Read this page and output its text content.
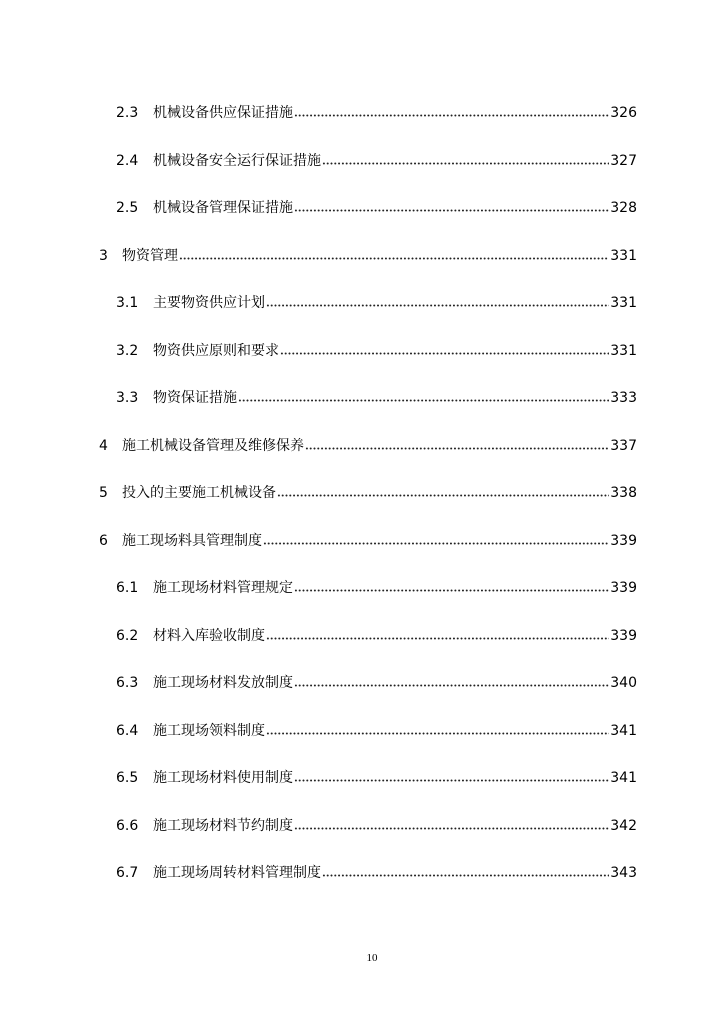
2.3	机械设备供应保证措施	326
2.4	机械设备安全运行保证措施	327
2.5	机械设备管理保证措施	328
3	物资管理	331
3.1	主要物资供应计划	331
3.2	物资供应原则和要求	331
3.3	物资保证措施	333
4	施工机械设备管理及维修保养	337
5	投入的主要施工机械设备	338
6	施工现场料具管理制度	339
6.1	施工现场材料管理规定	339
6.2	材料入库验收制度	339
6.3	施工现场材料发放制度	340
6.4	施工现场领料制度	341
6.5	施工现场材料使用制度	341
6.6	施工现场材料节约制度	342
6.7	施工现场周转材料管理制度	343
10
